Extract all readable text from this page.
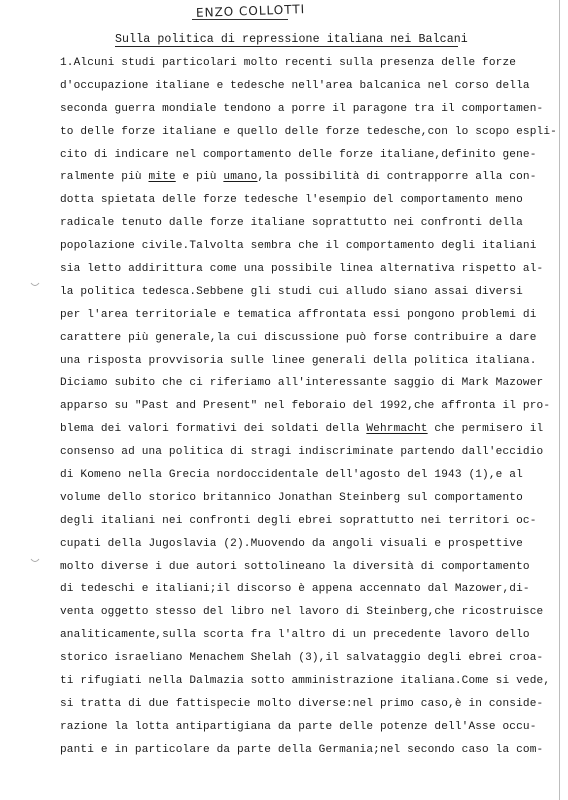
ENZO COLLOTTI
Sulla politica di repressione italiana nei Balcani
1.Alcuni studi particolari molto recenti sulla presenza delle forze
d'occupazione italiane e tedesche nell'area balcanica nel corso della
seconda guerra mondiale tendono a porre il paragone tra il comportamen-
to delle forze italiane e quello delle forze tedesche,con lo scopo espli-
cito di indicare nel comportamento delle forze italiane,definito gene-
ralmente più mite e più umano,la possibilità di contrapporre alla con-
dotta spietata delle forze tedesche l'esempio del comportamento meno
radicale tenuto dalle forze italiane soprattutto nei confronti della
popolazione civile.Talvolta sembra che il comportamento degli italiani
sia letto addirittura come una possibile linea alternativa rispetto al-
la politica tedesca.Sebbene gli studi cui alludo siano assai diversi
per l'area territoriale e tematica affrontata essi pongono problemi di
carattere più generale,la cui discussione può forse contribuire a dare
una risposta provvisoria sulle linee generali della politica italiana.
Diciamo subito che ci riferiamo all'interessante saggio di Mark Mazower
apparso su "Past and Present" nel feboraio del 1992,che affronta il pro-
blema dei valori formativi dei soldati della Wehrmacht che permisero il
consenso ad una politica di stragi indiscriminate partendo dall'eccidio
di Komeno nella Grecia nordoccidentale dell'agosto del 1943 (1),e al
volume dello storico britannico Jonathan Steinberg sul comportamento
degli italiani nei confronti degli ebrei soprattutto nei territori oc-
cupati della Jugoslavia (2).Muovendo da angoli visuali e prospettive
molto diverse i due autori sottolineano la diversità di comportamento
di tedeschi e italiani;il discorso è appena accennato dal Mazower,di-
venta oggetto stesso del libro nel lavoro di Steinberg,che ricostruisce
analiticamente,sulla scorta fra l'altro di un precedente lavoro dello
storico israeliano Menachem Shelah (3),il salvataggio degli ebrei croa-
ti rifugiati nella Dalmazia sotto amministrazione italiana.Come si vede,
si tratta di due fattispecie molto diverse:nel primo caso,è in conside-
razione la lotta antipartigiana da parte delle potenze dell'Asse occu-
panti e in particolare da parte della Germania;nel secondo caso la com-
